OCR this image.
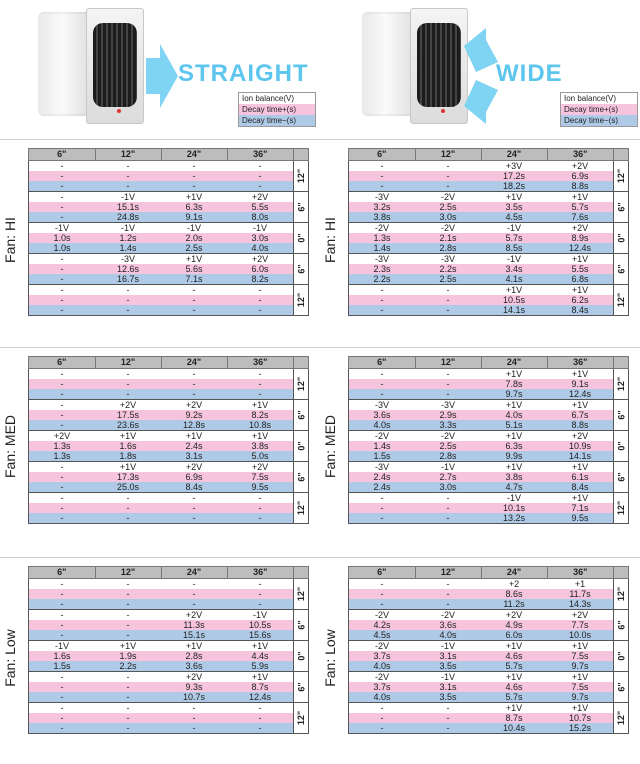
STRAIGHT
Ion balance(V)
Decay time+(s)
Decay time−(s)
WIDE
Ion balance(V)
Decay time+(s)
Decay time−(s)
Fan: HI
6"	12"	24"	36"	
-	-	-	-	12"
-	-	-	-	
-	-	-	-	
-	-1V	+1V	+2V	6"
-	15.1s	6.3s	5.5s	
-	24.8s	9.1s	8.0s	
-1V	-1V	-1V	-1V	0"
1.0s	1.2s	2.0s	3.0s	
1.0s	1.4s	2.5s	4.0s	
-	-3V	+1V	+2V	6"
-	12.6s	5.6s	6.0s	
-	16.7s	7.1s	8.2s	
-	-	-	-	12"
-	-	-	-	
-	-	-	-	
Fan: HI
6"	12"	24"	36"	
-	-	+3V	+2V	12"
-	-	17.2s	6.9s	
-	-	18.2s	8.8s	
-3V	-2V	+1V	+1V	6"
3.2s	2.5s	3.5s	5.7s	
3.8s	3.0s	4.5s	7.6s	
-2V	-2V	-1V	+2V	0"
1.3s	2.1s	5.7s	8.9s	
1.4s	2.8s	8.5s	12.4s	
-3V	-3V	-1V	+1V	6"
2.3s	2.2s	3.4s	5.5s	
2.2s	2.5s	4.1s	6.8s	
-	-	+1V	+1V	12"
-	-	10.5s	6.2s	
-	-	14.1s	8.4s	
Fan: MED
6"	12"	24"	36"	
-	-	-	-	12"
-	-	-	-	
-	-	-	-	
-	+2V	+2V	+1V	6"
-	17.5s	9.2s	8.2s	
-	23.6s	12.8s	10.8s	
+2V	+1V	+1V	+1V	0"
1.3s	1.6s	2.4s	3.8s	
1.3s	1.8s	3.1s	5.0s	
-	+1V	+2V	+2V	6"
-	17.3s	6.9s	7.5s	
-	25.0s	8.4s	9.5s	
-	-	-	-	12"
-	-	-	-	
-	-	-	-	
Fan: MED
6"	12"	24"	36"	
-	-	+1V	+1V	12"
-	-	7.8s	9.1s	
-	-	9.7s	12.4s	
-3V	-3V	+1V	+1V	6"
3.6s	2.9s	4.0s	6.7s	
4.0s	3.3s	5.1s	8.8s	
-2V	-2V	+1V	+2V	0"
1.4s	2.5s	6.3s	10.9s	
1.5s	2.8s	9.9s	14.1s	
-3V	-1V	+1V	+1V	6"
2.4s	2.7s	3.8s	6.1s	
2.4s	3.0s	4.7s	8.4s	
-	-	-1V	+1V	12"
-	-	10.1s	7.1s	
-	-	13.2s	9.5s	
Fan: Low
6"	12"	24"	36"	
-	-	-	-	12"
-	-	-	-	
-	-	-	-	
-	-	+2V	-1V	6"
-	-	11.3s	10.5s	
-	-	15.1s	15.6s	
-1V	+1V	+1V	+1V	0"
1.6s	1.9s	2.8s	4.4s	
1.5s	2.2s	3.6s	5.9s	
-	-	+2V	+1V	6"
-	-	9.3s	8.7s	
-	-	10.7s	12.4s	
-	-	-	-	12"
-	-	-	-	
-	-	-	-	
Fan: Low
6"	12"	24"	36"	
-	-	+2	+1	12"
-	-	8.6s	11.7s	
-	-	11.2s	14.3s	
-2V	-2V	+2V	+2V	6"
4.2s	3.6s	4.9s	7.7s	
4.5s	4.0s	6.0s	10.0s	
-2V	-1V	+1V	+1V	0"
3.7s	3.1s	4.6s	7.5s	
4.0s	3.5s	5.7s	9.7s	
-2V	-1V	+1V	+1V	6"
3.7s	3.1s	4.6s	7.5s	
4.0s	3.5s	5.7s	9.7s	
-	-	+1V	+1V	12"
-	-	8.7s	10.7s	
-	-	10.4s	15.2s	
